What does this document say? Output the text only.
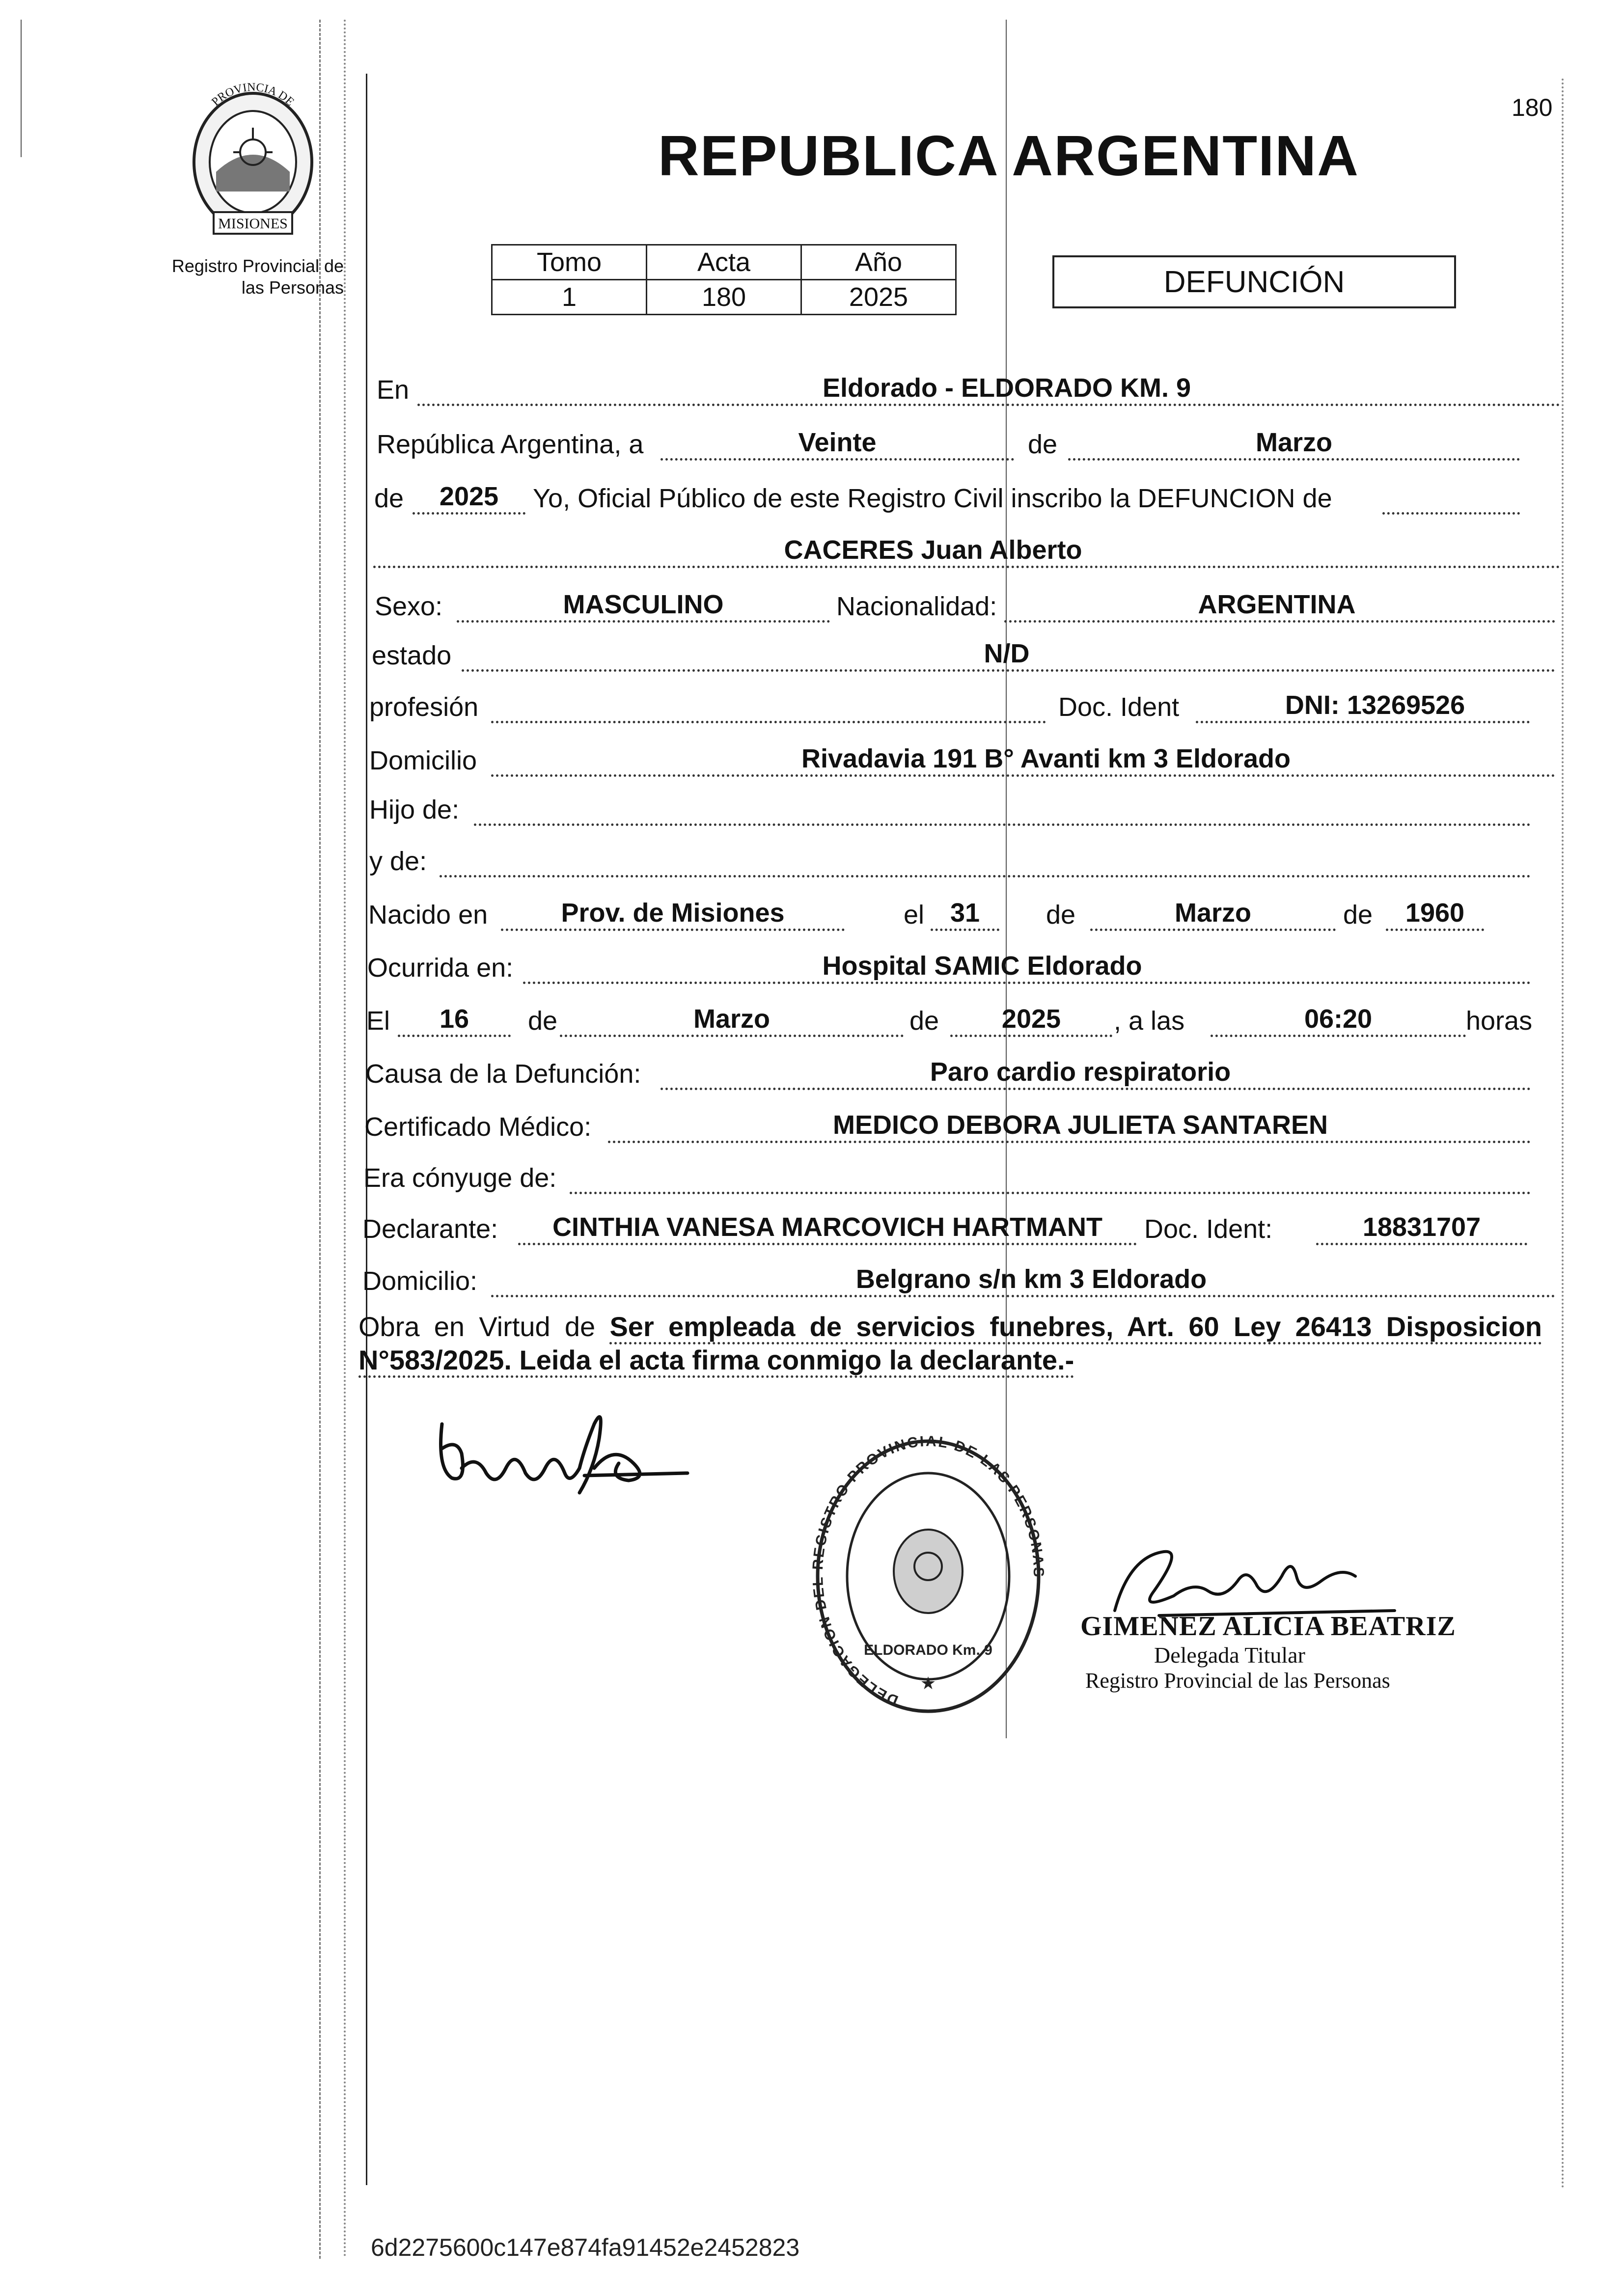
MISIONES
PROVINCIA DE
Registro Provincial de las Personas
180
REPUBLICA ARGENTINA
Tomo	Acta	Año
1	180	2025	DEFUNCIÓN
En	Eldorado - ELDORADO KM. 9
República Argentina, a	Veinte	de	Marzo
de	2025	Yo, Oficial Público de este Registro Civil inscribo la DEFUNCION de
CACERES Juan Alberto
Sexo:	MASCULINO	Nacionalidad:	ARGENTINA
estado	N/D
profesión	Doc. Ident	DNI: 13269526
Domicilio	Rivadavia 191 B° Avanti km 3 Eldorado
Hijo de:
y de:
Nacido en	Prov. de Misiones	el 31	de	Marzo	de	1960
Ocurrida en:	Hospital SAMIC Eldorado
El	16	de	Marzo	de	2025	, a las	06:20	horas
Causa de la Defunción:	Paro cardio respiratorio
Certificado Médico:	MEDICO DEBORA JULIETA SANTAREN
Era cónyuge de:
Declarante:	CINTHIA VANESA MARCOVICH HARTMANT	Doc. Ident:	18831707
Domicilio:	Belgrano s/n km 3 Eldorado
Obra en Virtud de Ser empleada de servicios funebres, Art. 60 Ley 26413 Disposicion N°583/2025. Leida el acta firma conmigo la declarante.-
DELEGACION DEL REGISTRO PROVINCIAL DE LAS PERSONAS
ELDORADO Km. 9
★
GIMENEZ ALICIA BEATRIZ
Delegada Titular
Registro Provincial de las Personas
6d2275600c147e874fa91452e2452823
